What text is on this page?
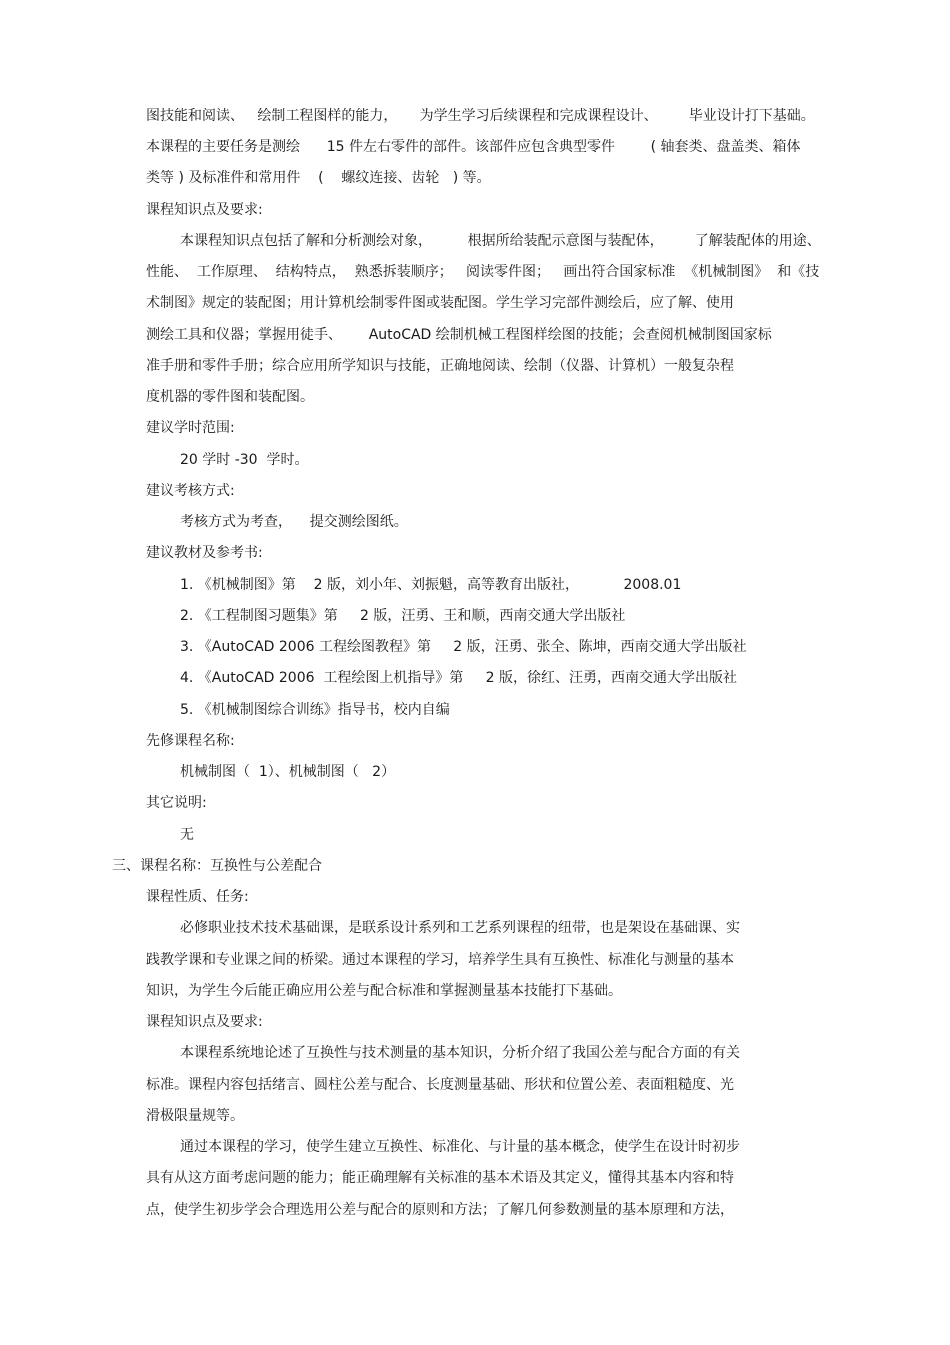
图技能和阅读、   绘制工程图样的能力，     为学生学习后续课程和完成课程设计、       毕业设计打下基础。

本课程的主要任务是测绘      15 件左右零件的部件。该部件应包含典型零件        ( 轴套类、盘盖类、箱体

类等 ) 及标准件和常用件    (    螺纹连接、齿轮   ) 等。

课程知识点及要求:

本课程知识点包括了解和分析测绘对象，        根据所给装配示意图与装配体，       了解装配体的用途、

性能、  工作原理、  结构特点，  熟悉拆装顺序；   阅读零件图；   画出符合国家标准  《机械制图》  和《技

术制图》规定的装配图；用计算机绘制零件图或装配图。学生学习完部件测绘后，应了解、使用

测绘工具和仪器；掌握用徒手、      AutoCAD 绘制机械工程图样绘图的技能；会查阅机械制图国家标

准手册和零件手册；综合应用所学知识与技能，正确地阅读、绘制（仪器、计算机）一般复杂程

度机器的零件图和装配图。

建议学时范围:

20 学时 -30  学时。

建议考核方式:

考核方式为考查，    提交测绘图纸。

建议教材及参考书:

1. 《机械制图》第    2 版，刘小年、刘振魁，高等教育出版社，          2008.01

2. 《工程制图习题集》第     2 版，汪勇、王和顺，西南交通大学出版社

3. 《AutoCAD 2006 工程绘图教程》第     2 版，汪勇、张全、陈坤，西南交通大学出版社

4. 《AutoCAD 2006  工程绘图上机指导》第     2 版，徐红、汪勇，西南交通大学出版社

5. 《机械制图综合训练》指导书，校内自编

先修课程名称:

机械制图（  1）、机械制图（   2）

其它说明:

无

三、课程名称：互换性与公差配合

课程性质、任务:

必修职业技术技术基础课，是联系设计系列和工艺系列课程的纽带，也是架设在基础课、实

践教学课和专业课之间的桥梁。通过本课程的学习，培养学生具有互换性、标准化与测量的基本

知识，为学生今后能正确应用公差与配合标准和掌握测量基本技能打下基础。

课程知识点及要求:

本课程系统地论述了互换性与技术测量的基本知识，分析介绍了我国公差与配合方面的有关

标准。课程内容包括绪言、圆柱公差与配合、长度测量基础、形状和位置公差、表面粗糙度、光

滑极限量规等。

通过本课程的学习，使学生建立互换性、标准化、与计量的基本概念，使学生在设计时初步

具有从这方面考虑问题的能力；能正确理解有关标准的基本术语及其定义，懂得其基本内容和特

点，使学生初步学会合理选用公差与配合的原则和方法；了解几何参数测量的基本原理和方法，
